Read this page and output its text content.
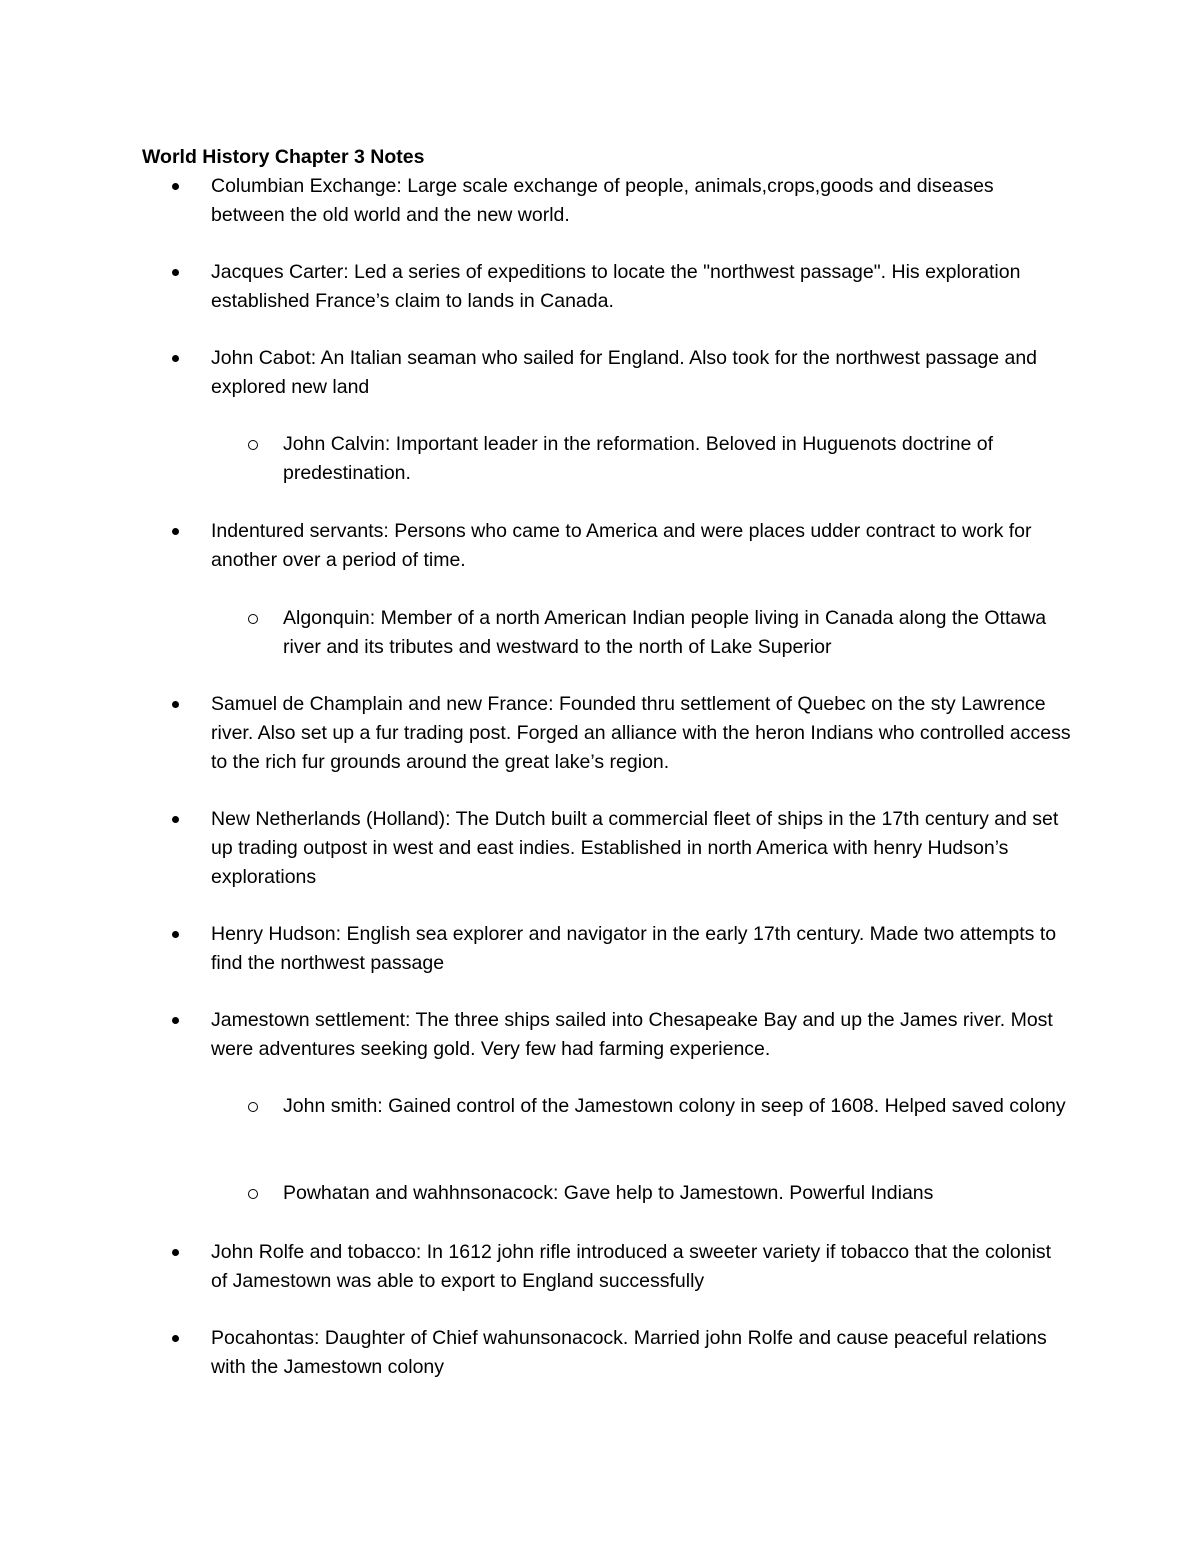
World History Chapter 3 Notes
Columbian Exchange: Large scale exchange of people, animals,crops,goods and diseases between the old world and the new world.
Jacques Carter: Led a series of expeditions to locate the "northwest passage". His exploration established France’s claim to lands in Canada.
John Cabot: An Italian seaman who sailed for England. Also took for the northwest passage and explored new land
John Calvin: Important leader in the reformation. Beloved in Huguenots doctrine of predestination.
Indentured servants: Persons who came to America and were places udder contract to work for another over a period of time.
Algonquin: Member of a north American Indian people living in Canada along the Ottawa river and its tributes and westward to the north of Lake Superior
Samuel de Champlain and new France: Founded thru settlement of Quebec on the sty Lawrence river. Also set up a fur trading post. Forged an alliance with the heron Indians who controlled access to the rich fur grounds around the great lake’s region.
New Netherlands (Holland): The Dutch built a commercial fleet of ships in the 17th century and set up trading outpost in west and east indies. Established in north America with henry Hudson’s explorations
Henry Hudson: English sea explorer and navigator in the early 17th century. Made two attempts to find the northwest passage
Jamestown settlement: The three ships sailed into Chesapeake Bay and up the James river. Most were adventures seeking gold. Very few had farming experience.
John smith: Gained control of the Jamestown colony in seep of 1608. Helped saved colony
Powhatan and wahhnsonacock: Gave help to Jamestown. Powerful Indians
John Rolfe and tobacco: In 1612 john rifle introduced a sweeter variety if tobacco that the colonist of Jamestown was able to export to England successfully
Pocahontas: Daughter of Chief wahunsonacock. Married john Rolfe and cause peaceful relations with the Jamestown colony
